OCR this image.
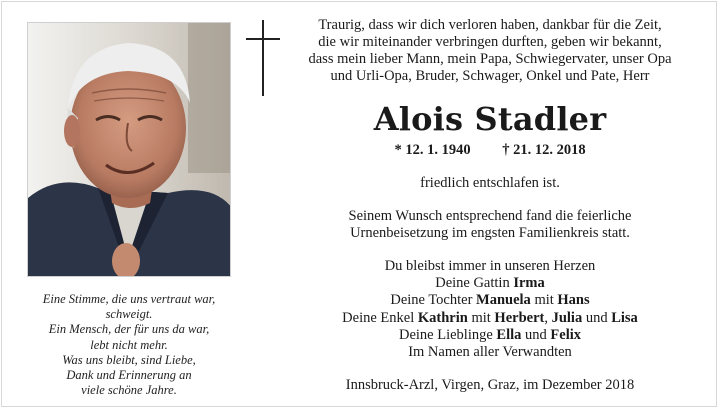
Eine Stimme, die uns vertraut war,
schweigt.
Ein Mensch, der für uns da war,
lebt nicht mehr.
Was uns bleibt, sind Liebe,
Dank und Erinnerung an
viele schöne Jahre.
Traurig, dass wir dich verloren haben, dankbar für die Zeit,
die wir miteinander verbringen durften, geben wir bekannt,
dass mein lieber Mann, mein Papa, Schwiegervater, unser Opa
und Urli-Opa, Bruder, Schwager, Onkel und Pate, Herr
Alois Stadler
* 12. 1. 1940 † 21. 12. 2018
friedlich entschlafen ist.
Seinem Wunsch entsprechend fand die feierliche
Urnenbeisetzung im engsten Familienkreis statt.
Du bleibst immer in unseren Herzen
Deine Gattin Irma
Deine Tochter Manuela mit Hans
Deine Enkel Kathrin mit Herbert, Julia und Lisa
Deine Lieblinge Ella und Felix
Im Namen aller Verwandten
Innsbruck-Arzl, Virgen, Graz, im Dezember 2018
